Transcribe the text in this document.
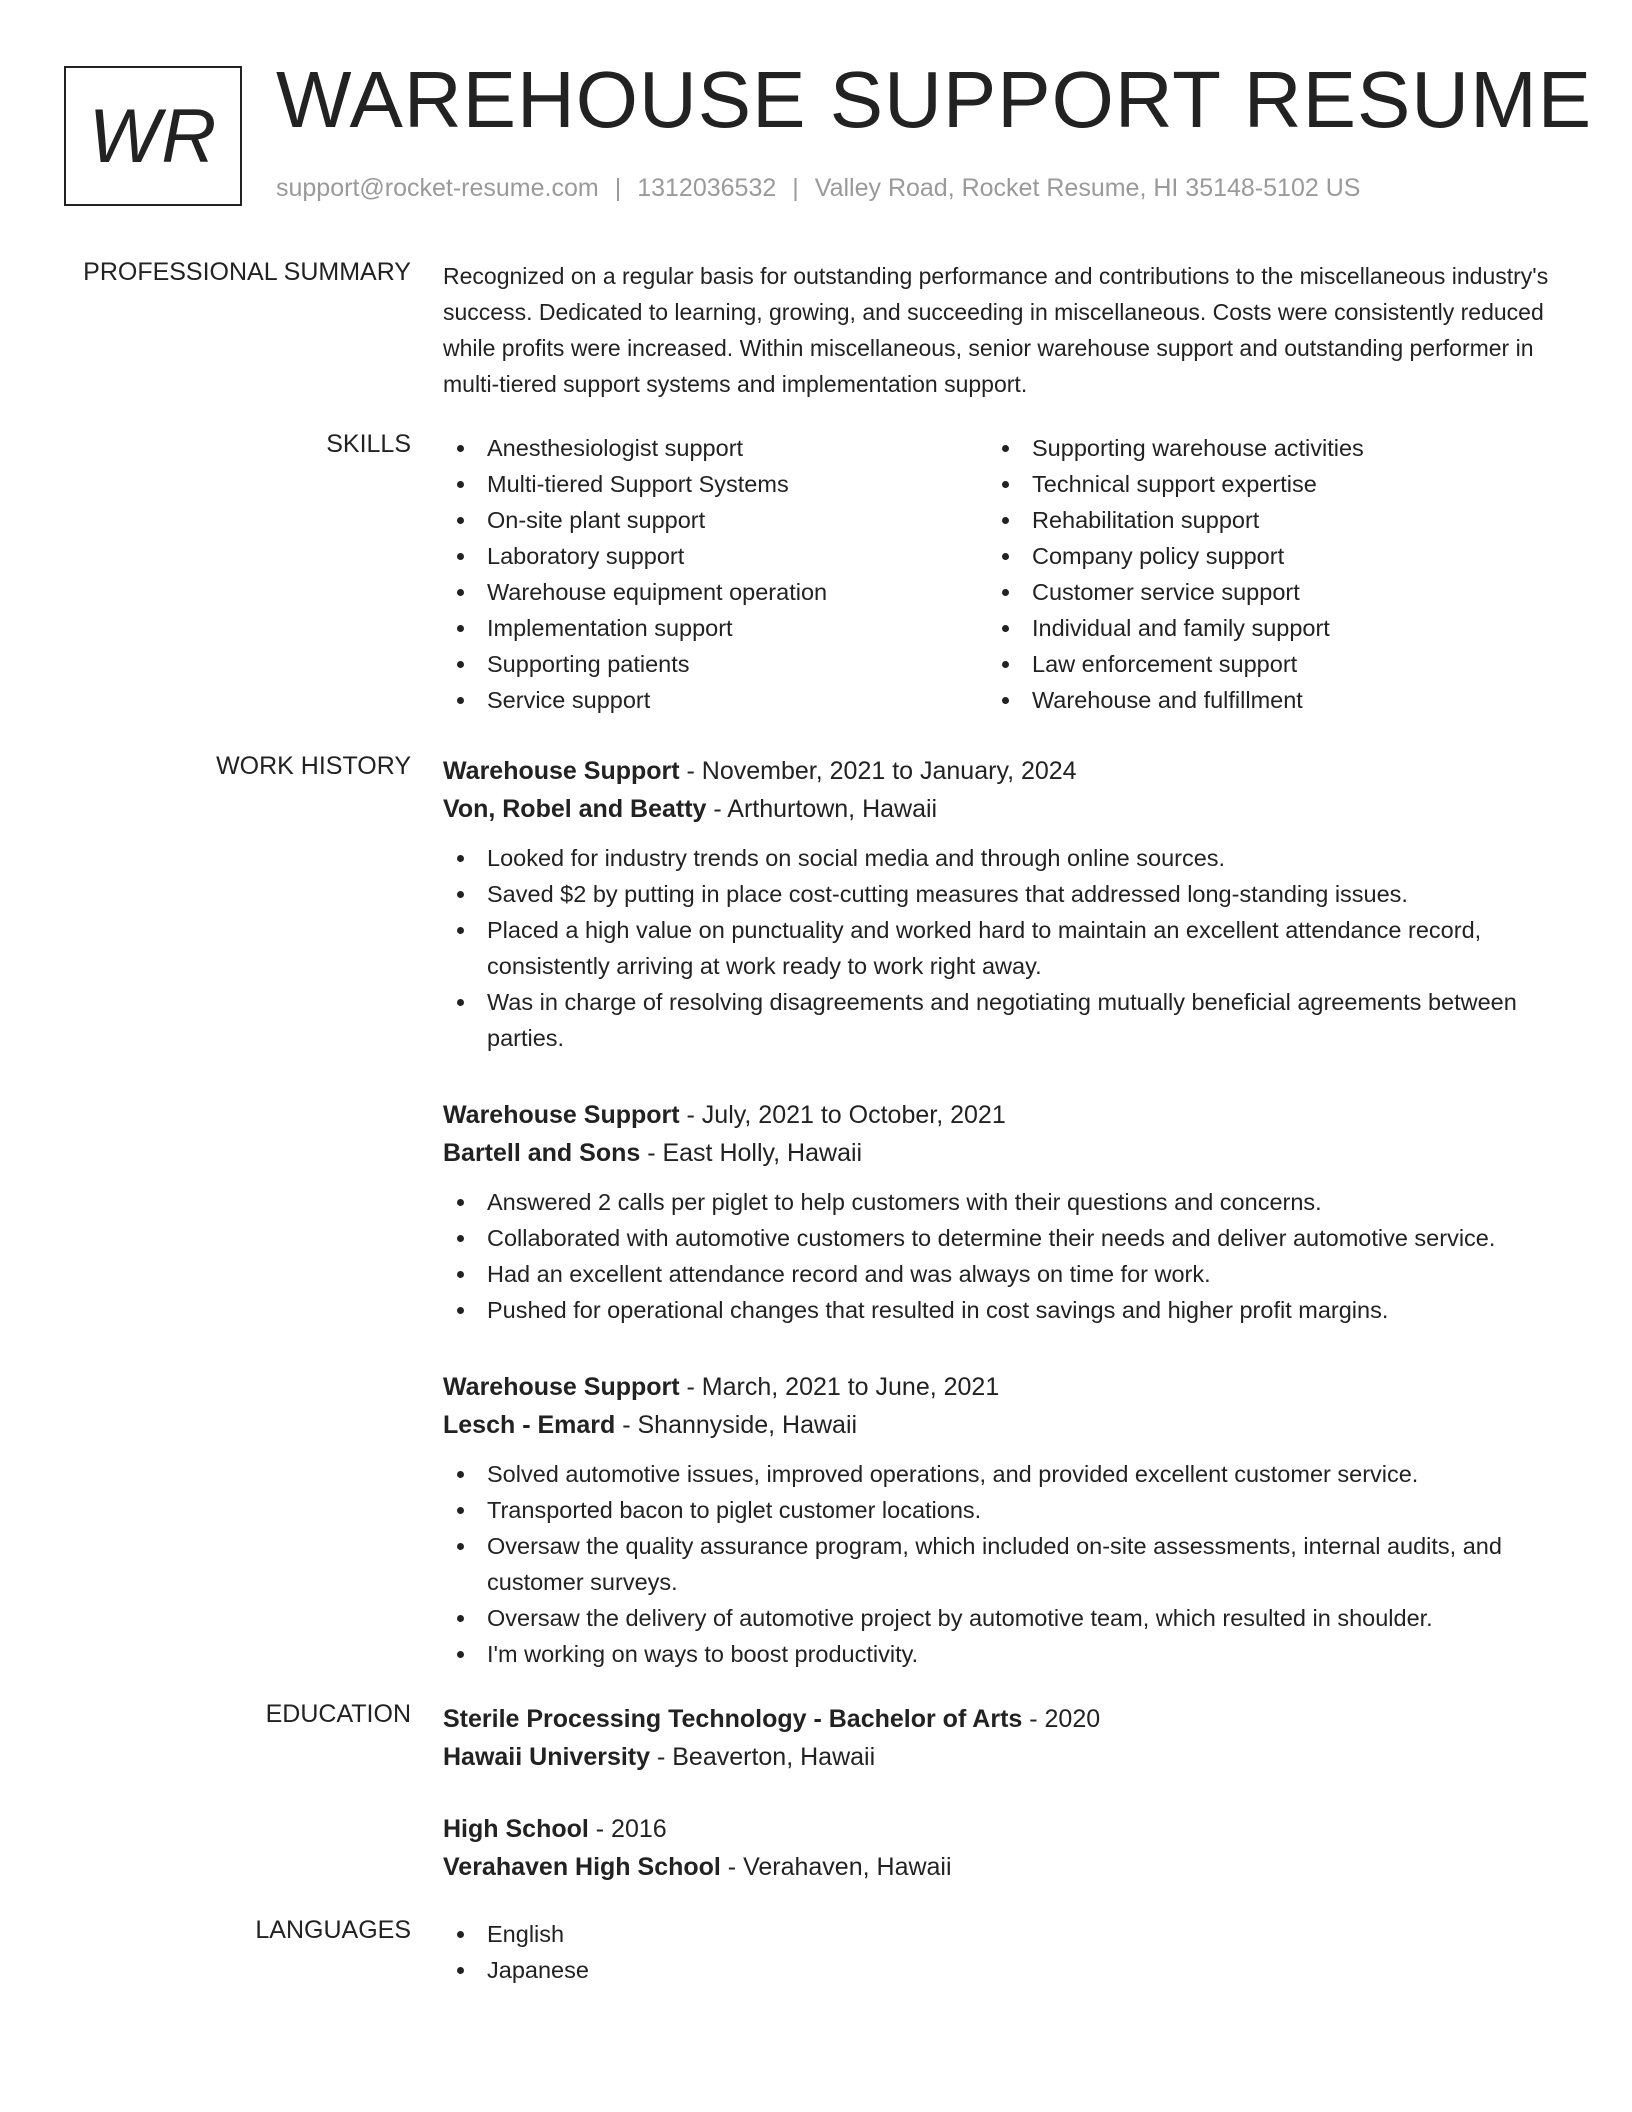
WR WAREHOUSE SUPPORT RESUME
support@rocket-resume.com | 1312036532 | Valley Road, Rocket Resume, HI 35148-5102 US
PROFESSIONAL SUMMARY Recognized on a regular basis for outstanding performance and contributions to the miscellaneous industry's success. Dedicated to learning, growing, and succeeding in miscellaneous. Costs were consistently reduced while profits were increased. Within miscellaneous, senior warehouse support and outstanding performer in multi-tiered support systems and implementation support.

SKILLS	Anesthesiologist support
Multi-tiered Support Systems
On-site plant support
Laboratory support
Warehouse equipment operation
Implementation support
Supporting patients
Service support
Supporting warehouse activities
Technical support expertise
Rehabilitation support
Company policy support
Customer service support
Individual and family support
Law enforcement support
Warehouse and fulfillment
WORK HISTORY Warehouse Support - November, 2021 to January, 2024
Von, Robel and Beatty - Arthurtown, Hawaii
Looked for industry trends on social media and through online sources.
Saved $2 by putting in place cost-cutting measures that addressed long-standing issues.
Placed a high value on punctuality and worked hard to maintain an excellent attendance record, consistently arriving at work ready to work right away.
Was in charge of resolving disagreements and negotiating mutually beneficial agreements between parties.
Warehouse Support - July, 2021 to October, 2021
Bartell and Sons - East Holly, Hawaii
Answered 2 calls per piglet to help customers with their questions and concerns.
Collaborated with automotive customers to determine their needs and deliver automotive service.
Had an excellent attendance record and was always on time for work.
Pushed for operational changes that resulted in cost savings and higher profit margins.
Warehouse Support - March, 2021 to June, 2021
Lesch - Emard - Shannyside, Hawaii
Solved automotive issues, improved operations, and provided excellent customer service.
Transported bacon to piglet customer locations.
Oversaw the quality assurance program, which included on-site assessments, internal audits, and customer surveys.
Oversaw the delivery of automotive project by automotive team, which resulted in shoulder.
I'm working on ways to boost productivity.
EDUCATION Sterile Processing Technology - Bachelor of Arts - 2020
Hawaii University - Beaverton, Hawaii
High School - 2016
Verahaven High School - Verahaven, Hawaii
LANGUAGES	English
Japanese
